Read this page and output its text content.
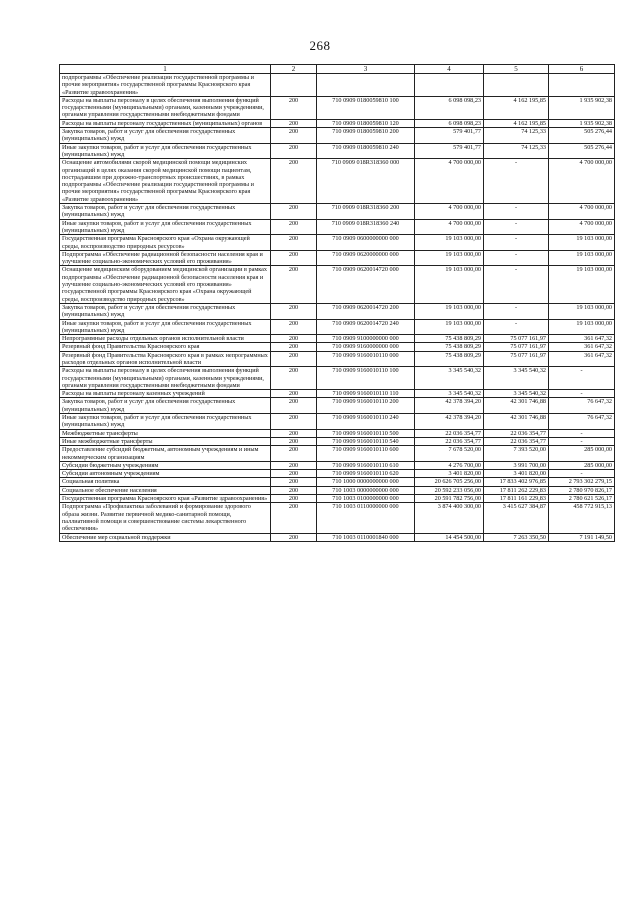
268
1	2	3	4	5	6
подпрограммы «Обеспечение реализации государственной программы и прочие мероприятия» государственной программы Красноярского края «Развитие здравоохранения»					
Расходы на выплаты персоналу в целях обеспечения выполнения функций государственными (муниципальными) органами, казенными учреждениями, органами управления государственными внебюджетными фондами	200	710 0909 0180059810 100	6 098 098,23	4 162 195,85	1 935 902,38
Расходы на выплаты персоналу государственных (муниципальных) органов	200	710 0909 0180059810 120	6 098 098,23	4 162 195,85	1 935 902,38
Закупка товаров, работ и услуг для обеспечения государственных (муниципальных) нужд	200	710 0909 0180059810 200	579 401,77	74 125,33	505 276,44
Иные закупки товаров, работ и услуг для обеспечения государственных (муниципальных) нужд	200	710 0909 0180059810 240	579 401,77	74 125,33	505 276,44
Оснащение автомобилями скорой медицинской помощи медицинских организаций в целях оказания скорой медицинской помощи пациентам, пострадавшим при дорожно-транспортных происшествиях, в рамках подпрограммы «Обеспечение реализации государственной программы и прочие мероприятия» государственной программы Красноярского края «Развитие здравоохранения»	200	710 0909 018R318360 000	4 700 000,00	-	4 700 000,00
Закупка товаров, работ и услуг для обеспечения государственных (муниципальных) нужд	200	710 0909 018R318360 200	4 700 000,00	-	4 700 000,00
Иные закупки товаров, работ и услуг для обеспечения государственных (муниципальных) нужд	200	710 0909 018R318360 240	4 700 000,00	-	4 700 000,00
Государственная программа Красноярского края «Охрана окружающей среды, воспроизводство природных ресурсов»	200	710 0909 0600000000 000	19 103 000,00	-	19 103 000,00
Подпрограмма «Обеспечение радиационной безопасности населения края и улучшение социально-экономических условий его проживания»	200	710 0909 0620000000 000	19 103 000,00	-	19 103 000,00
Оснащение медицинским оборудованием медицинской организации в рамках подпрограммы «Обеспечение радиационной безопасности населения края и улучшение социально-экономических условий его проживания» государственной программы Красноярского края «Охрана окружающей среды, воспроизводство природных ресурсов»	200	710 0909 0620014720 000	19 103 000,00	-	19 103 000,00
Закупка товаров, работ и услуг для обеспечения государственных (муниципальных) нужд	200	710 0909 0620014720 200	19 103 000,00	-	19 103 000,00
Иные закупки товаров, работ и услуг для обеспечения государственных (муниципальных) нужд	200	710 0909 0620014720 240	19 103 000,00	-	19 103 000,00
Непрограммные расходы отдельных органов исполнительной власти	200	710 0909 9100000000 000	75 438 809,29	75 077 161,97	361 647,32
Резервный фонд Правительства Красноярского края	200	710 0909 9160000000 000	75 438 809,29	75 077 161,97	361 647,32
Резервный фонд Правительства Красноярского края в рамках непрограммных расходов отдельных органов исполнительной власти	200	710 0909 9160010110 000	75 438 809,29	75 077 161,97	361 647,32
Расходы на выплаты персоналу в целях обеспечения выполнения функций государственными (муниципальными) органами, казенными учреждениями, органами управления государственными внебюджетными фондами	200	710 0909 9160010110 100	3 345 540,32	3 345 540,32	-
Расходы на выплаты персоналу казенных учреждений	200	710 0909 9160010110 110	3 345 540,32	3 345 540,32	-
Закупка товаров, работ и услуг для обеспечения государственных (муниципальных) нужд	200	710 0909 9160010110 200	42 378 394,20	42 301 746,88	76 647,32
Иные закупки товаров, работ и услуг для обеспечения государственных (муниципальных) нужд	200	710 0909 9160010110 240	42 378 394,20	42 301 746,88	76 647,32
Межбюджетные трансферты	200	710 0909 9160010110 500	22 036 354,77	22 036 354,77	-
Иные межбюджетные трансферты	200	710 0909 9160010110 540	22 036 354,77	22 036 354,77	-
Предоставление субсидий бюджетным, автономным учреждениям и иным некоммерческим организациям	200	710 0909 9160010110 600	7 678 520,00	7 393 520,00	285 000,00
Субсидии бюджетным учреждениям	200	710 0909 9160010110 610	4 276 700,00	3 991 700,00	285 000,00
Субсидии автономным учреждениям	200	710 0909 9160010110 620	3 401 820,00	3 401 820,00	-
Социальная политика	200	710 1000 0000000000 000	20 626 705 256,00	17 833 402 976,85	2 793 302 279,15
Социальное обеспечение населения	200	710 1003 0000000000 000	20 592 233 056,00	17 811 262 229,83	2 780 970 826,17
Государственная программа Красноярского края «Развитие здравоохранения»	200	710 1003 0100000000 000	20 591 782 756,00	17 811 161 229,83	2 780 621 526,17
Подпрограмма «Профилактика заболеваний и формирование здорового образа жизни. Развитие первичной медико-санитарной помощи, паллиативной помощи и совершенствование системы лекарственного обеспечения»	200	710 1003 0110000000 000	3 874 400 300,00	3 415 627 384,87	458 772 915,13
Обеспечение мер социальной поддержки	200	710 1003 0110001840 000	14 454 500,00	7 263 350,50	7 191 149,50
